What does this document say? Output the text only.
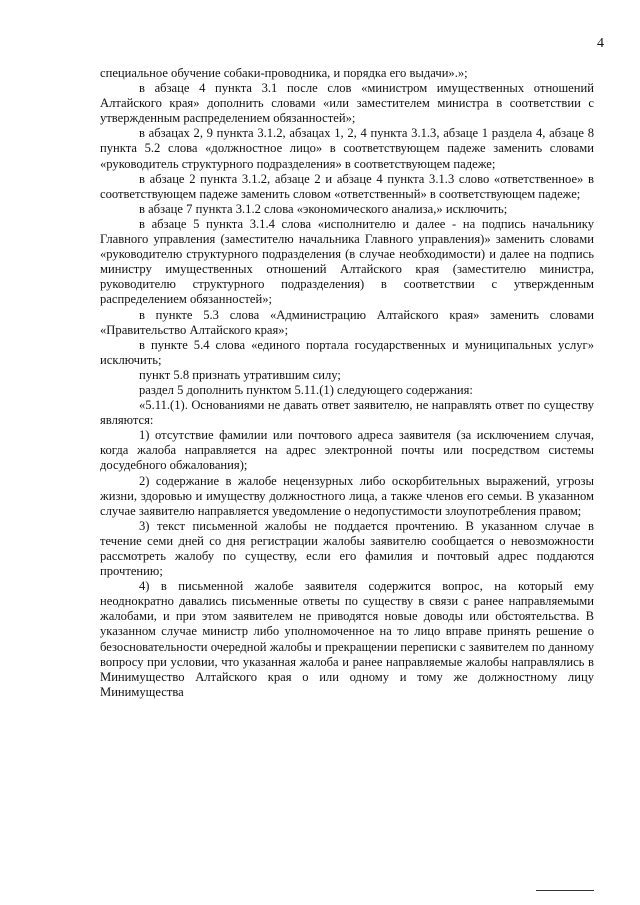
4

специальное обучение собаки-проводника, и порядка его выдачи».»;

в абзаце 4 пункта 3.1 после слов «министром имущественных отношений Алтайского края» дополнить словами «или заместителем министра в соответствии с утвержденным распределением обязанностей»;

в абзацах 2, 9 пункта 3.1.2, абзацах 1, 2, 4 пункта 3.1.3, абзаце 1 раздела 4, абзаце 8 пункта 5.2 слова «должностное лицо» в соответствующем падеже заменить словами «руководитель структурного подразделения» в соответствующем падеже;

в абзаце 2 пункта 3.1.2, абзаце 2 и абзаце 4 пункта 3.1.3 слово «ответственное» в соответствующем падеже заменить словом «ответственный» в соответствующем падеже;

в абзаце 7 пункта 3.1.2 слова «экономического анализа,» исключить;

в абзаце 5 пункта 3.1.4 слова «исполнителю и далее - на подпись начальнику Главного управления (заместителю начальника Главного управления)» заменить словами «руководителю структурного подразделения (в случае необходимости) и далее на подпись министру имущественных отношений Алтайского края (заместителю министра, руководителю структурного подразделения) в соответствии с утвержденным распределением обязанностей»;

в пункте 5.3 слова «Администрацию Алтайского края» заменить словами «Правительство Алтайского края»;

в пункте 5.4 слова «единого портала государственных и муниципальных услуг» исключить;

пункт 5.8 признать утратившим силу;

раздел 5 дополнить пунктом 5.11.(1) следующего содержания:

«5.11.(1). Основаниями не давать ответ заявителю, не направлять ответ по существу являются:

1) отсутствие фамилии или почтового адреса заявителя (за исключением случая, когда жалоба направляется на адрес электронной почты или посредством системы досудебного обжалования);

2) содержание в жалобе нецензурных либо оскорбительных выражений, угрозы жизни, здоровью и имуществу должностного лица, а также членов его семьи. В указанном случае заявителю направляется уведомление о недопустимости злоупотребления правом;

3) текст письменной жалобы не поддается прочтению. В указанном случае в течение семи дней со дня регистрации жалобы заявителю сообщается о невозможности рассмотреть жалобу по существу, если его фамилия и почтовый адрес поддаются прочтению;

4) в письменной жалобе заявителя содержится вопрос, на который ему неоднократно давались письменные ответы по существу в связи с ранее направляемыми жалобами, и при этом заявителем не приводятся новые доводы или обстоятельства. В указанном случае министр либо уполномоченное на то лицо вправе принять решение о безосновательности очередной жалобы и прекращении переписки с заявителем по данному вопросу при условии, что указанная жалоба и ранее направляемые жалобы направлялись в Минимущество Алтайского края о или одному и тому же должностному лицу Минимущества
